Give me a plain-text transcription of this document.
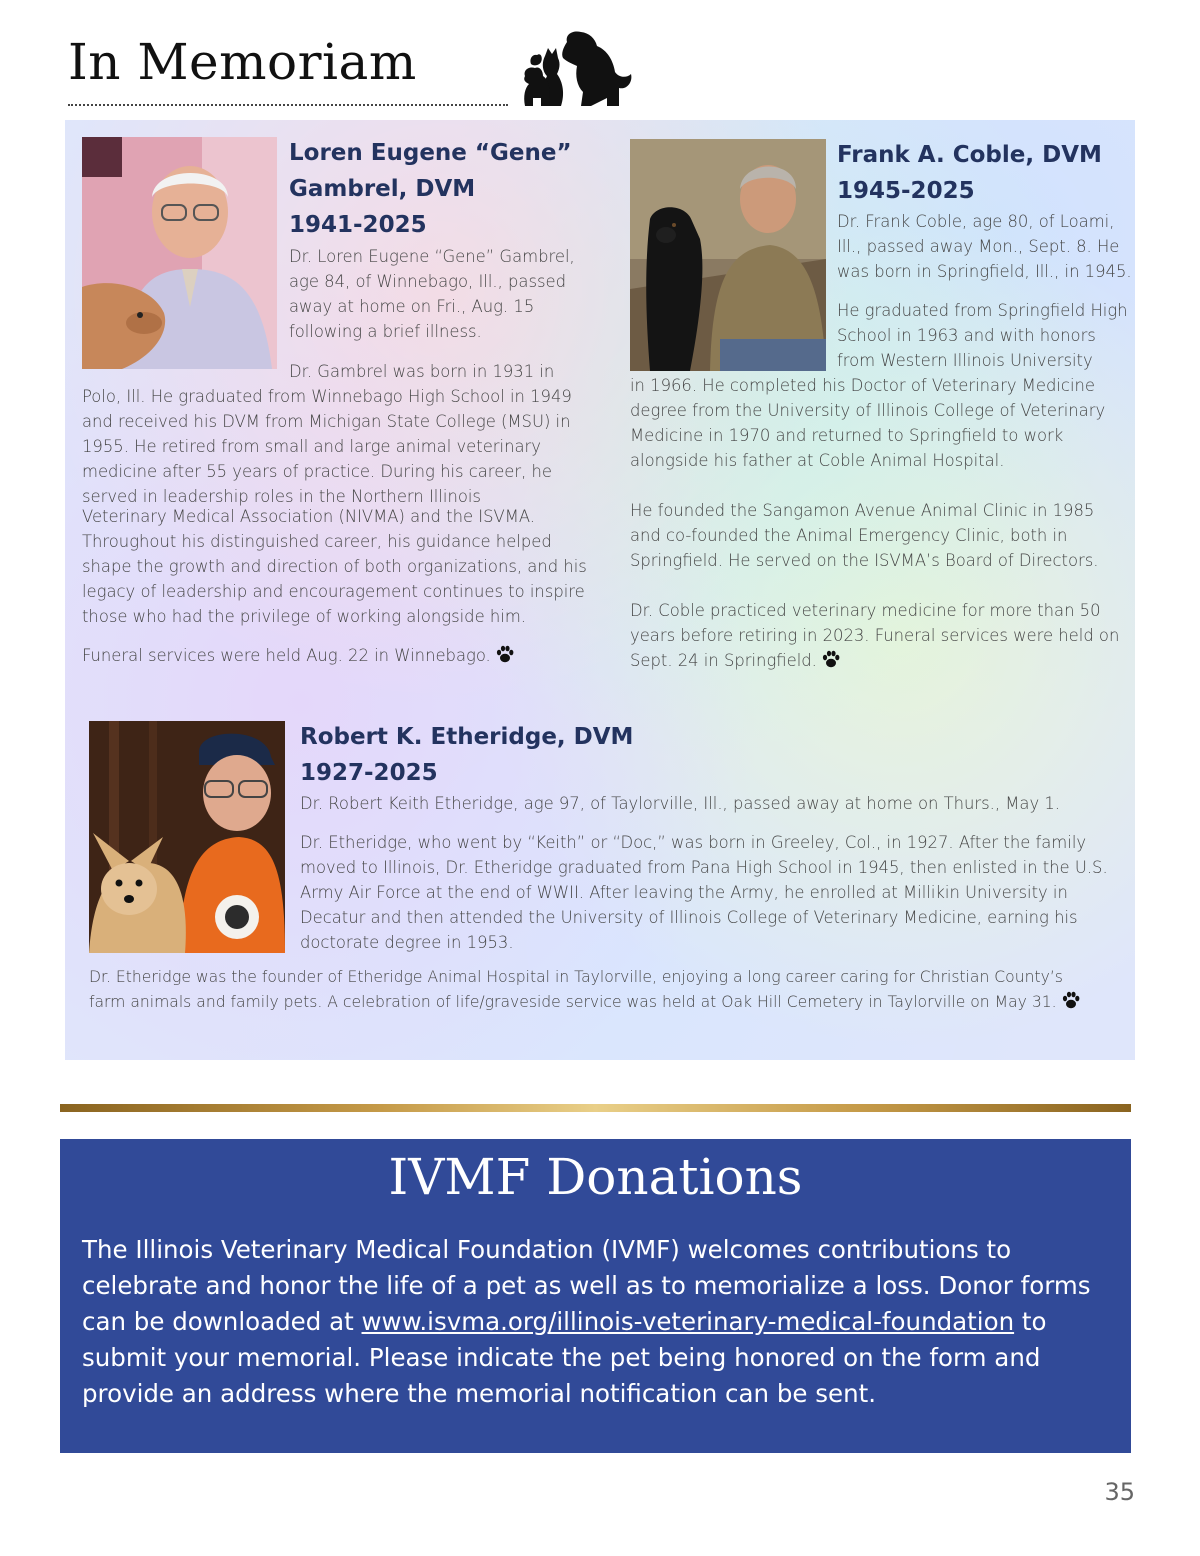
In Memoriam
Loren Eugene “Gene”
Gambrel, DVM
1941-2025

Dr. Loren Eugene “Gene” Gambrel,

age 84, of Winnebago, Ill., passed

away at home on Fri., Aug. 15

following a brief illness.

Dr. Gambrel was born in 1931 in

Polo, Ill. He graduated from Winnebago High School in 1949

and received his DVM from Michigan State College (MSU) in

1955. He retired from small and large animal veterinary

medicine after 55 years of practice. During his career, he

served in leadership roles in the Northern Illinois

Veterinary Medical Association (NIVMA) and the ISVMA.

Throughout his distinguished career, his guidance helped

shape the growth and direction of both organizations, and his

legacy of leadership and encouragement continues to inspire

those who had the privilege of working alongside him.

Funeral services were held Aug. 22 in Winnebago.

Frank A. Coble, DVM
1945-2025

Dr. Frank Coble, age 80, of Loami,

Ill., passed away Mon., Sept. 8. He

was born in Springfield, Ill., in 1945.

He graduated from Springfield High

School in 1963 and with honors

from Western Illinois University

in 1966. He completed his Doctor of Veterinary Medicine

degree from the University of Illinois College of Veterinary

Medicine in 1970 and returned to Springfield to work

alongside his father at Coble Animal Hospital.

He founded the Sangamon Avenue Animal Clinic in 1985

and co-founded the Animal Emergency Clinic, both in

Springfield. He served on the ISVMA’s Board of Directors.

Dr. Coble practiced veterinary medicine for more than 50

years before retiring in 2023. Funeral services were held on

Sept. 24 in Springfield.

Robert K. Etheridge, DVM
1927-2025

Dr. Robert Keith Etheridge, age 97, of Taylorville, Ill., passed away at home on Thurs., May 1.

Dr. Etheridge, who went by “Keith” or “Doc,” was born in Greeley, Col., in 1927. After the family

moved to Illinois, Dr. Etheridge graduated from Pana High School in 1945, then enlisted in the U.S.

Army Air Force at the end of WWII. After leaving the Army, he enrolled at Millikin University in

Decatur and then attended the University of Illinois College of Veterinary Medicine, earning his

doctorate degree in 1953.

Dr. Etheridge was the founder of Etheridge Animal Hospital in Taylorville, enjoying a long career caring for Christian County’s

farm animals and family pets. A celebration of life/graveside service was held at Oak Hill Cemetery in Taylorville on May 31.

IVMF Donations
The Illinois Veterinary Medical Foundation (IVMF) welcomes contributions to celebrate and honor the life of a pet as well as to memorialize a loss. Donor forms can be downloaded at www.isvma.org/illinois-veterinary-medical-foundation to submit your memorial. Please indicate the pet being honored on the form and provide an address where the memorial notification can be sent.
35
